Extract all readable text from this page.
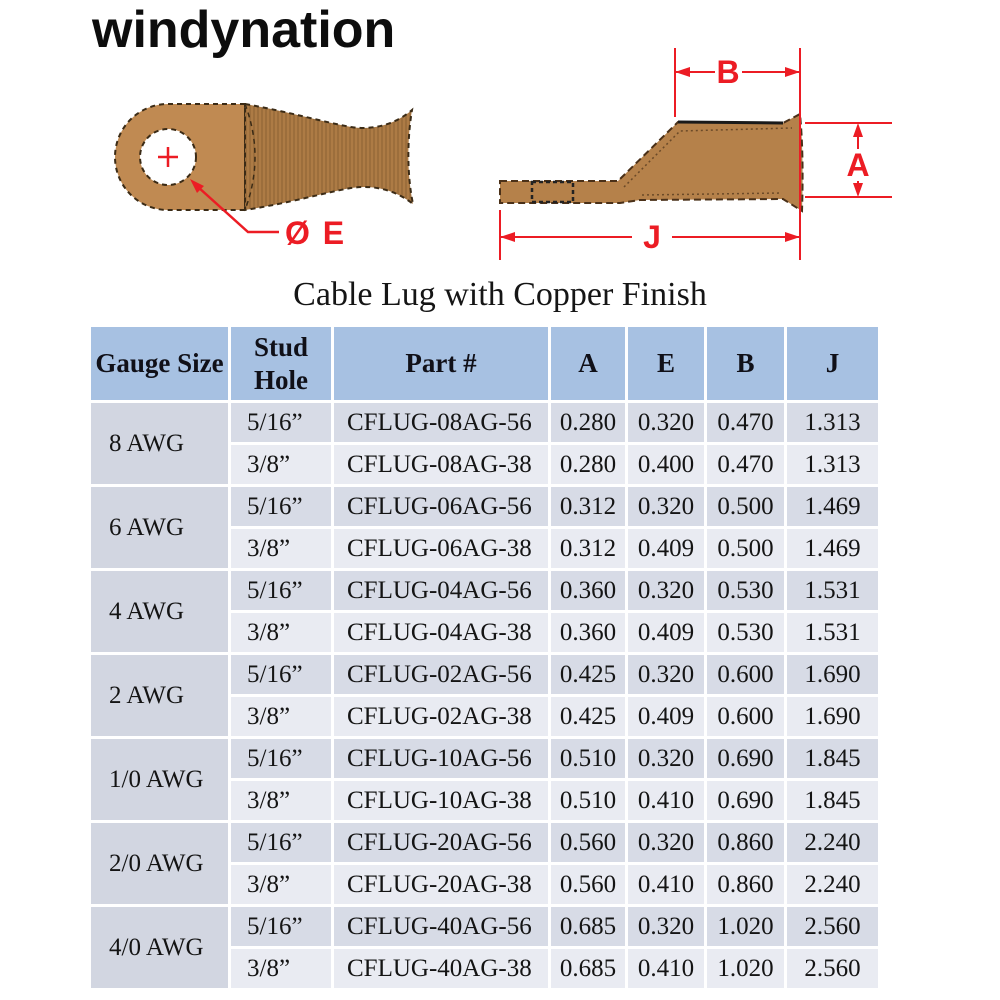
windynation
Ø E
B
A
J
Cable Lug with Copper Finish
Gauge Size	Stud Hole	Part #	A	E	B	J
8 AWG	5/16”	CFLUG-08AG-56	0.280	0.320	0.470	1.313
	3/8”	CFLUG-08AG-38	0.280	0.400	0.470	1.313
6 AWG	5/16”	CFLUG-06AG-56	0.312	0.320	0.500	1.469
	3/8”	CFLUG-06AG-38	0.312	0.409	0.500	1.469
4 AWG	5/16”	CFLUG-04AG-56	0.360	0.320	0.530	1.531
	3/8”	CFLUG-04AG-38	0.360	0.409	0.530	1.531
2 AWG	5/16”	CFLUG-02AG-56	0.425	0.320	0.600	1.690
	3/8”	CFLUG-02AG-38	0.425	0.409	0.600	1.690
1/0 AWG	5/16”	CFLUG-10AG-56	0.510	0.320	0.690	1.845
	3/8”	CFLUG-10AG-38	0.510	0.410	0.690	1.845
2/0 AWG	5/16”	CFLUG-20AG-56	0.560	0.320	0.860	2.240
	3/8”	CFLUG-20AG-38	0.560	0.410	0.860	2.240
4/0 AWG	5/16”	CFLUG-40AG-56	0.685	0.320	1.020	2.560
	3/8”	CFLUG-40AG-38	0.685	0.410	1.020	2.560
